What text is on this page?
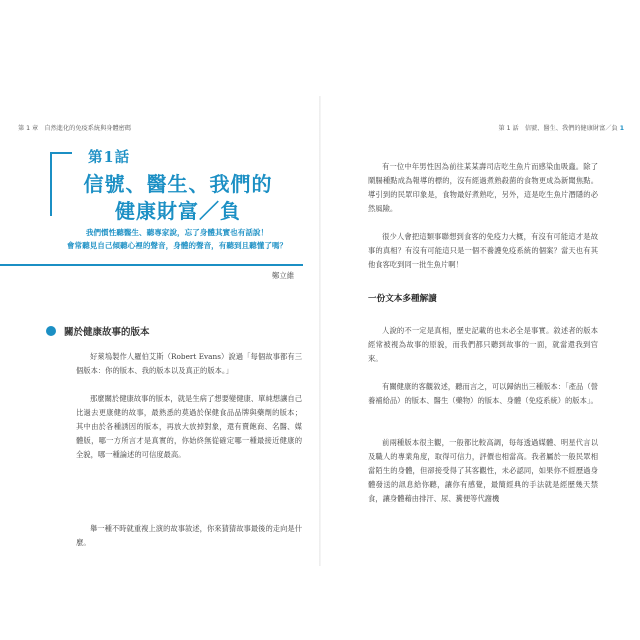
第 1 章　自然進化的免疫系統與身體密碼
第1話
信號、醫生、我們的
健康財富／負
我們慣性聽醫生、聽專家說，忘了身體其實也有話說！
會常聽見自己傾聽心裡的聲音，身體的聲音，有聽到且聽懂了嗎？
鄭立維
關於健康故事的版本
好萊塢製作人羅伯艾斯（Robert Evans）說過「每個故事都有三個版本：你的版本、我的版本以及真正的版本。」
那麼關於健康故事的版本，就是生病了想要變健康、單純想讓自己比過去更康健的故事，最熟悉的莫過於保健食品品牌與藥劑的版本；其中由於各種誘因的版本，再放大放掉對象，還有賣飽商、名醫、媒體版，哪一方所言才是真實的，你始終無從確定哪一種最接近健康的全貌，哪一種論述的可信度最高。
舉一種不時就重複上演的故事敘述，你來猜猜故事最後的走向是什麼。
第 1 話　信號、醫生、我們的健康財富／負 1
有一位中年男性因為前往某某壽司店吃生魚片而感染血吸蟲。除了鬧腸種點成為報導的標的，沒有經過煮熟殺菌的食物更成為新聞焦點。導引到的民眾印象是，食物最好煮熟吃，另外，這是吃生魚片潛隱的必然風險。
很少人會把這類事聯想到食客的免疫力大概，有沒有可能這才是故事的真相？有沒有可能這只是一個不養護免疫系統的個案？當天也有其他食客吃到同一批生魚片啊！
一份文本多種解讀
人說的不一定是真相，歷史記載的也未必全是事實。敘述者的版本經常被視為故事的原貌，而我們都只聽到故事的一面，就當還我到官來。
有關健康的客觀敘述，聽而言之，可以歸納出三種版本：「產品（營養補給品）的版本、醫生（藥物）的版本、身體（免疫系統）的版本」。
前兩種版本很主觀，一般都比較高調，每每透過媒體、明星代言以及職人的專業角度，取得可信力，評價也相當高。我者屬於一般民眾相當陌生的身體，但卻接受得了其客觀性，未必認同，如果你不經歷過身體發送的訊息給你聽，讓你有感覺，最簡經典的手法就是經歷幾天禁食，讓身體藉由排汗、尿、糞便等代謝機
